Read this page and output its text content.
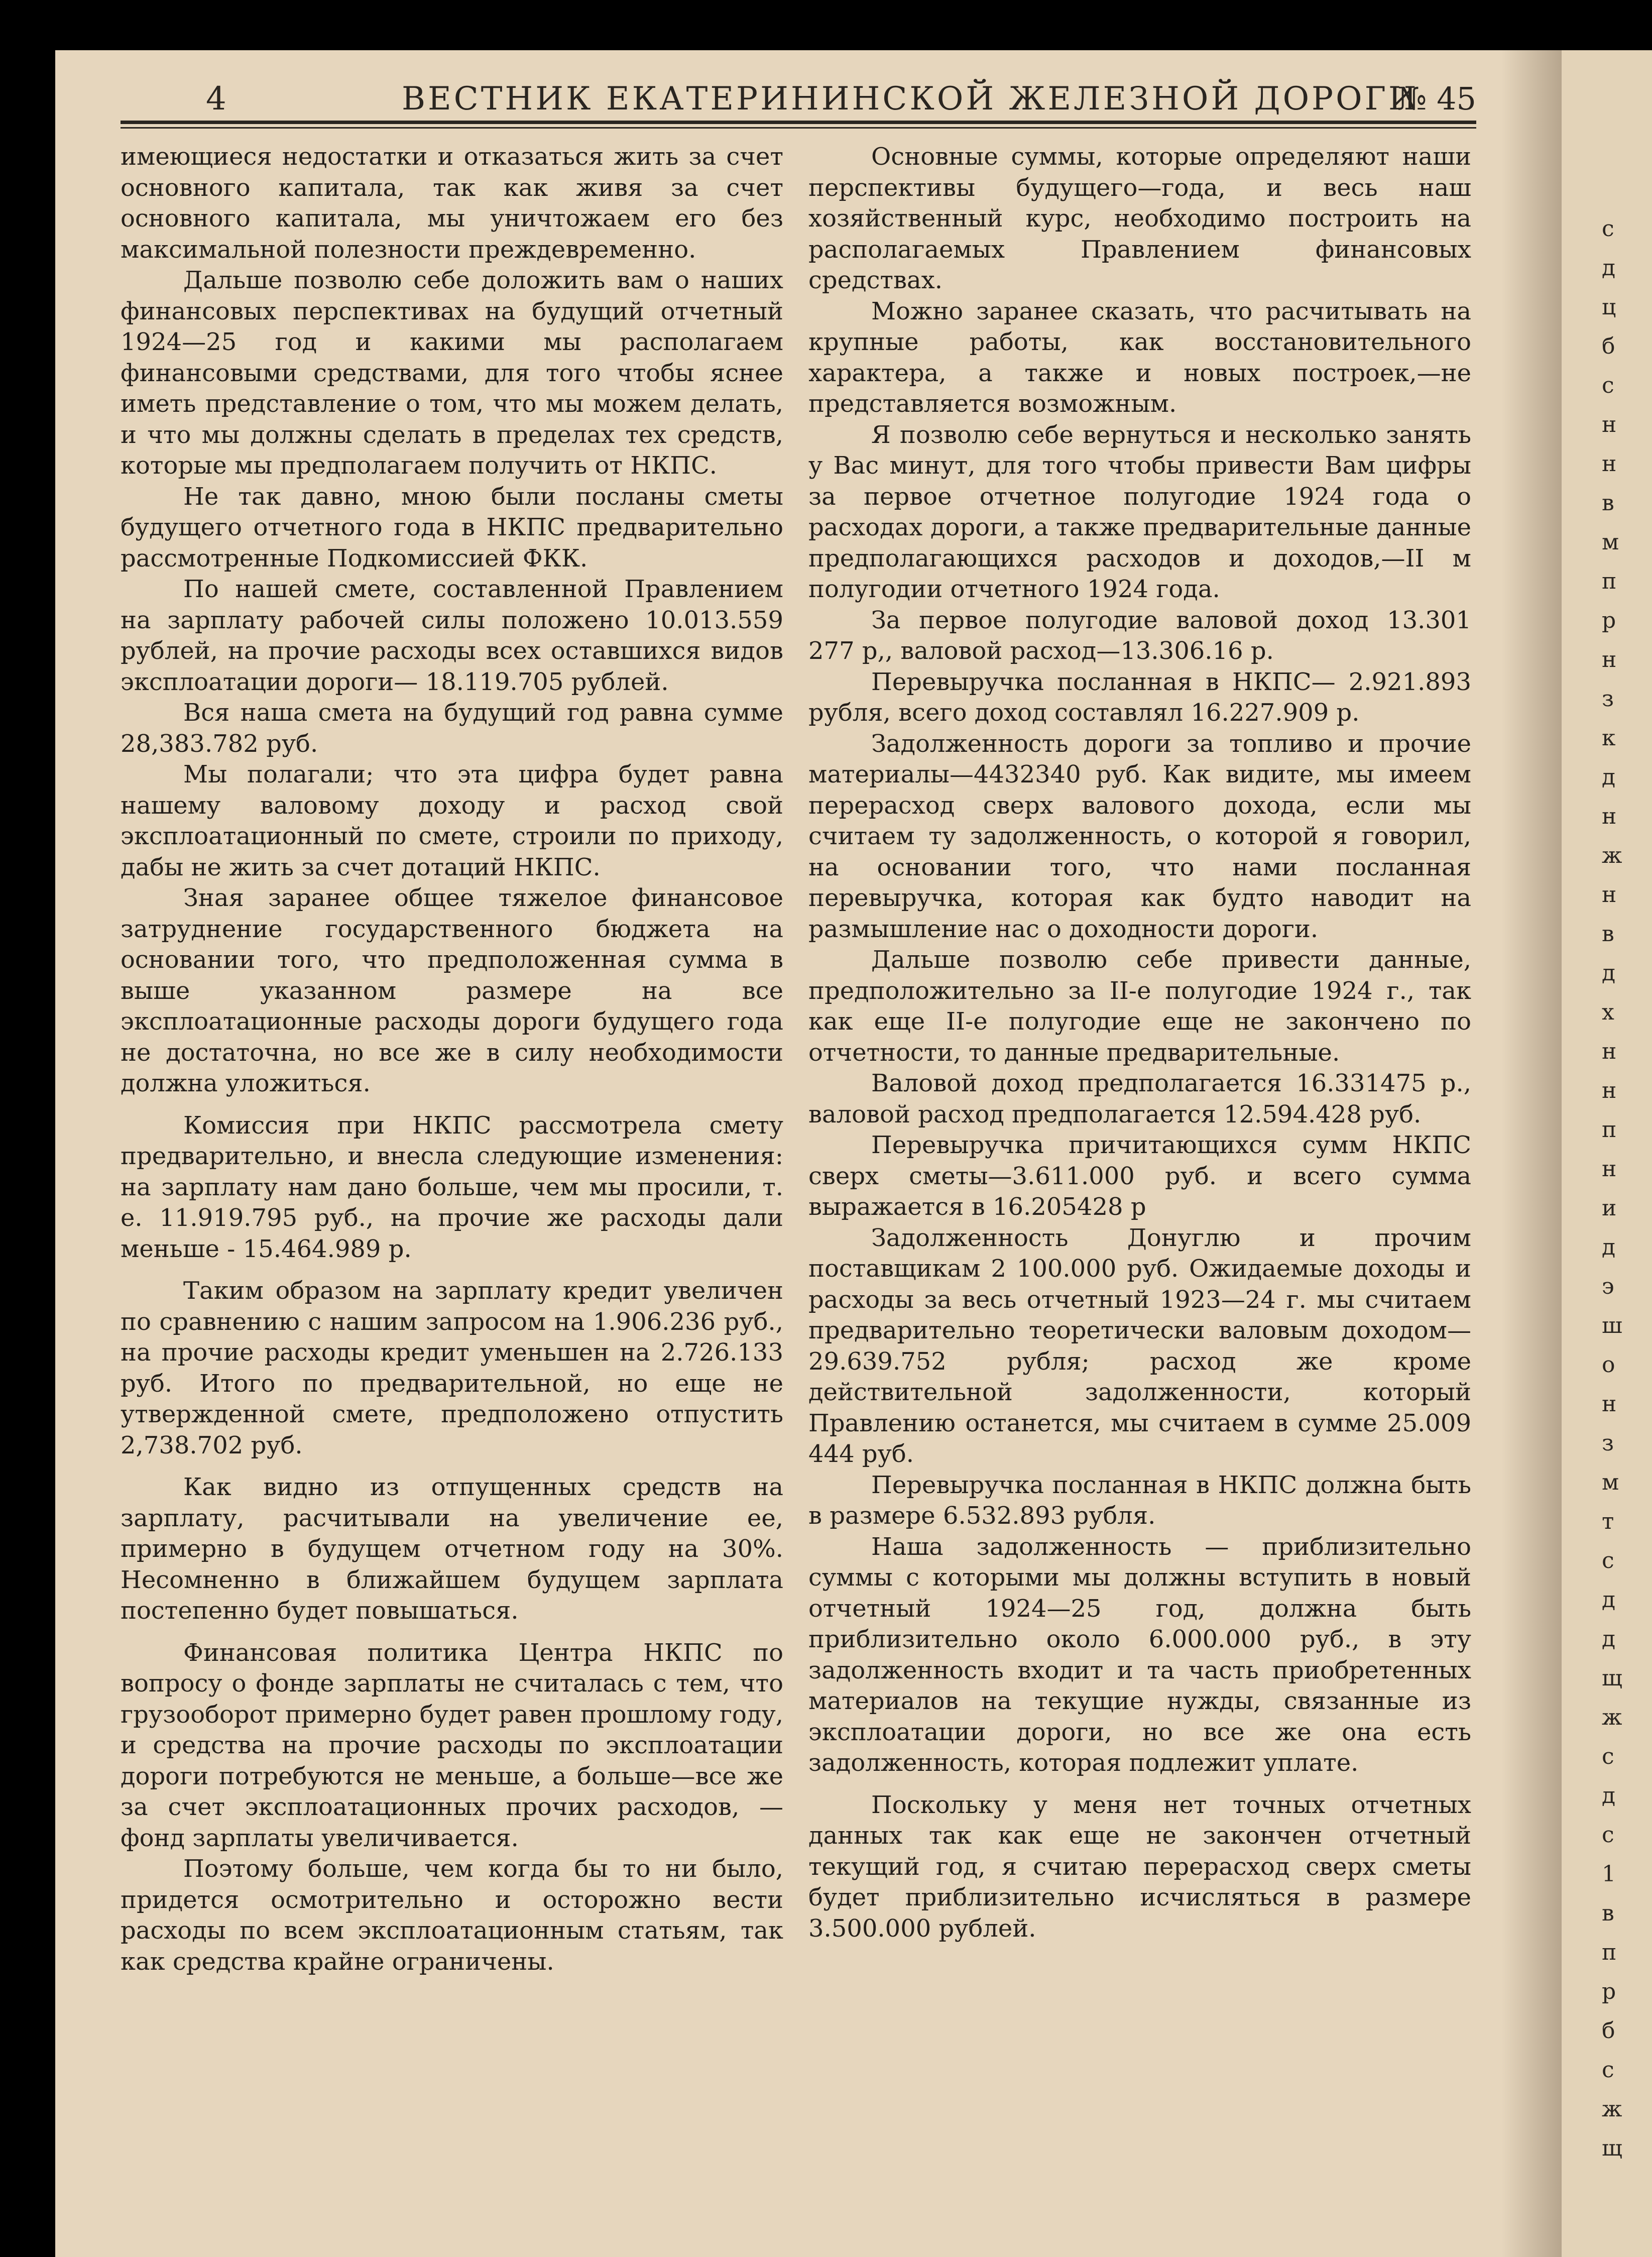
с
д
ц
б
с
н
н
в
м
п
р
н
з
к
д
н
ж
н
в
д
х
н
н
п
н
и
д
э
ш
о
н
з
м
т
с
д
д
щ
ж
с
д
с
1
в
п
р
б
с
ж
щ
4	ВЕСТНИК ЕКАТЕРИНИНСКОЙ ЖЕЛЕЗНОЙ ДОРОГИ
№ 45

имеющиеся недостатки и отказаться жить за счет основного капитала, так как живя за счет основного капитала, мы уничтожаем его без максимальной полезности преждевременно.

Дальше позволю себе доложить вам о наших финансовых перспективах на будущий отчетный 1924—25 год и какими мы располагаем финансовыми средствами, для того чтобы яснее иметь представление о том, что мы можем делать, и что мы должны сделать в пределах тех средств, которые мы предполагаем получить от НКПС.

Не так давно, мною были посланы сметы будущего отчетного года в НКПС предварительно рассмотренные Подкомиссией ФКК.

По нашей смете, составленной Правлением на зарплату рабочей силы положено 10.013.559 рублей, на прочие расходы всех оставшихся видов эксплоатации дороги— 18.119.705 рублей.

Вся наша смета на будущий год равна сумме 28,383.782 руб.

Мы полагали; что эта цифра будет равна нашему валовому доходу и расход свой эксплоатационный по смете, строили по приходу, дабы не жить за счет дотаций НКПС.

Зная заранее общее тяжелое финансовое затруднение государственного бюджета на основании того, что предположенная сумма в выше указанном размере на все эксплоатационные расходы дороги будущего года не достаточна, но все же в силу необходимости должна уложиться.

Комиссия при НКПС рассмотрела смету предварительно, и внесла следующие изменения: на зарплату нам дано больше, чем мы просили, т. е. 11.919.795 руб., на прочие же расходы дали меньше - 15.464.989 р.

Таким образом на зарплату кредит увеличен по сравнению с нашим запросом на 1.906.236 руб., на прочие расходы кредит уменьшен на 2.726.133 руб. Итого по предварительной, но еще не утвержденной смете, предположено отпустить 2,738.702 руб.

Как видно из отпущенных средств на зарплату, расчитывали на увеличение ее, примерно в будущем отчетном году на 30%. Несомненно в ближайшем будущем зарплата постепенно будет повышаться.

Финансовая политика Центра НКПС по вопросу о фонде зарплаты не считалась с тем, что грузооборот примерно будет равен прошлому году, и средства на прочие расходы по эксплоатации дороги потребуются не меньше, а больше—все же за счет эксплоатационных прочих расходов, — фонд зарплаты увеличивается.

Поэтому больше, чем когда бы то ни было, придется осмотрительно и осторожно вести расходы по всем эксплоатационным статьям, так как средства крайне ограничены.

Основные суммы, которые определяют наши перспективы будущего—года, и весь наш хозяйственный курс, необходимо построить на располагаемых Правлением финансовых средствах.

Можно заранее сказать, что расчитывать на крупные работы, как восстановительного характера, а также и новых построек,—не представляется возможным.

Я позволю себе вернуться и несколько занять у Вас минут, для того чтобы привести Вам цифры за первое отчетное полугодие 1924 года о расходах дороги, а также предварительные данные предполагающихся расходов и доходов,—II м полугодии отчетного 1924 года.

За первое полугодие валовой доход 13.301 277 р,, валовой расход—13.306.16 р.

Перевыручка посланная в НКПС— 2.921.893 рубля, всего доход составлял 16.227.909 р.

Задолженность дороги за топливо и прочие материалы—4432340 руб. Как видите, мы имеем перерасход сверх валового дохода, если мы считаем ту задолженность, о которой я говорил, на основании того, что нами посланная перевыручка, которая как будто наводит на размышление нас о доходности дороги.

Дальше позволю себе привести данные, предположительно за II-е полугодие 1924 г., так как еще II-е полугодие еще не закончено по отчетности, то данные предварительные.

Валовой доход предполагается 16.331475 р., валовой расход предполагается 12.594.428 руб.

Перевыручка причитающихся сумм НКПС сверх сметы—3.611.000 руб. и всего сумма выражается в 16.205428 р

Задолженность Донуглю и прочим поставщикам 2 100.000 руб. Ожидаемые доходы и расходы за весь отчетный 1923—24 г. мы считаем предварительно теоретически валовым доходом—29.639.752 рубля; расход же кроме действительной задолженности, который Правлению останется, мы считаем в сумме 25.009 444 руб.

Перевыручка посланная в НКПС должна быть в размере 6.532.893 рубля.

Наша задолженность — приблизительно суммы с которыми мы должны вступить в новый отчетный 1924—25 год, должна быть приблизительно около 6.000.000 руб., в эту задолженность входит и та часть приобретенных материалов на текущие нужды, связанные из эксплоатации дороги, но все же она есть задолженность, которая подлежит уплате.

Поскольку у меня нет точных отчетных данных так как еще не закончен отчетный текущий год, я считаю перерасход сверх сметы будет приблизительно исчисляться в размере 3.500.000 рублей.
